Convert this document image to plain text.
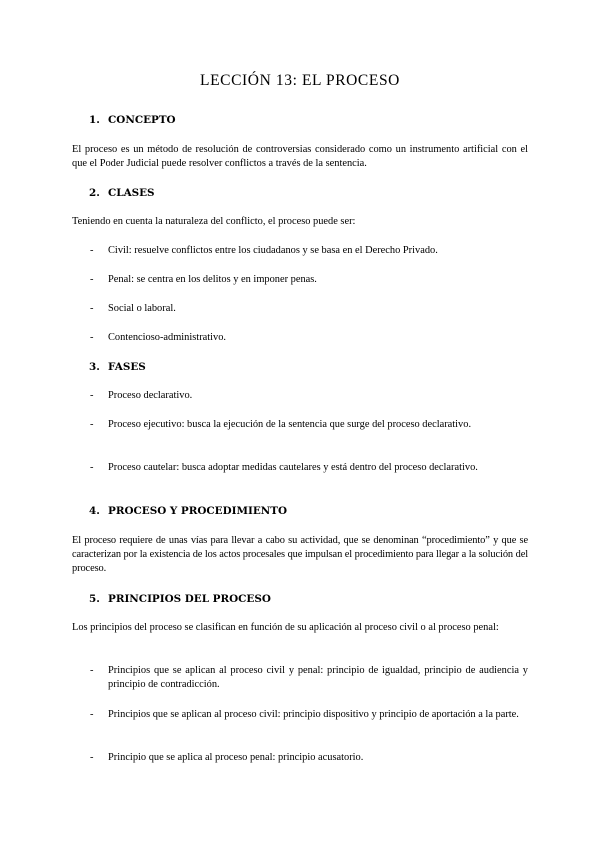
LECCIÓN 13: EL PROCESO
1. CONCEPTO
El proceso es un método de resolución de controversias considerado como un instrumento artificial con el que el Poder Judicial puede resolver conflictos a través de la sentencia.
2. CLASES
Teniendo en cuenta la naturaleza del conflicto, el proceso puede ser:
- Civil: resuelve conflictos entre los ciudadanos y se basa en el Derecho Privado.
- Penal: se centra en los delitos y en imponer penas.
- Social o laboral.
- Contencioso-administrativo.
3. FASES
- Proceso declarativo.
- Proceso ejecutivo: busca la ejecución de la sentencia que surge del proceso declarativo.
- Proceso cautelar: busca adoptar medidas cautelares y está dentro del proceso declarativo.
4. PROCESO Y PROCEDIMIENTO
El proceso requiere de unas vías para llevar a cabo su actividad, que se denominan “procedimiento” y que se caracterizan por la existencia de los actos procesales que impulsan el procedimiento para llegar a la solución del proceso.
5. PRINCIPIOS DEL PROCESO
Los principios del proceso se clasifican en función de su aplicación al proceso civil o al proceso penal:
- Principios que se aplican al proceso civil y penal: principio de igualdad, principio de audiencia y principio de contradicción.
- Principios que se aplican al proceso civil: principio dispositivo y principio de aportación a la parte.
- Principio que se aplica al proceso penal: principio acusatorio.
